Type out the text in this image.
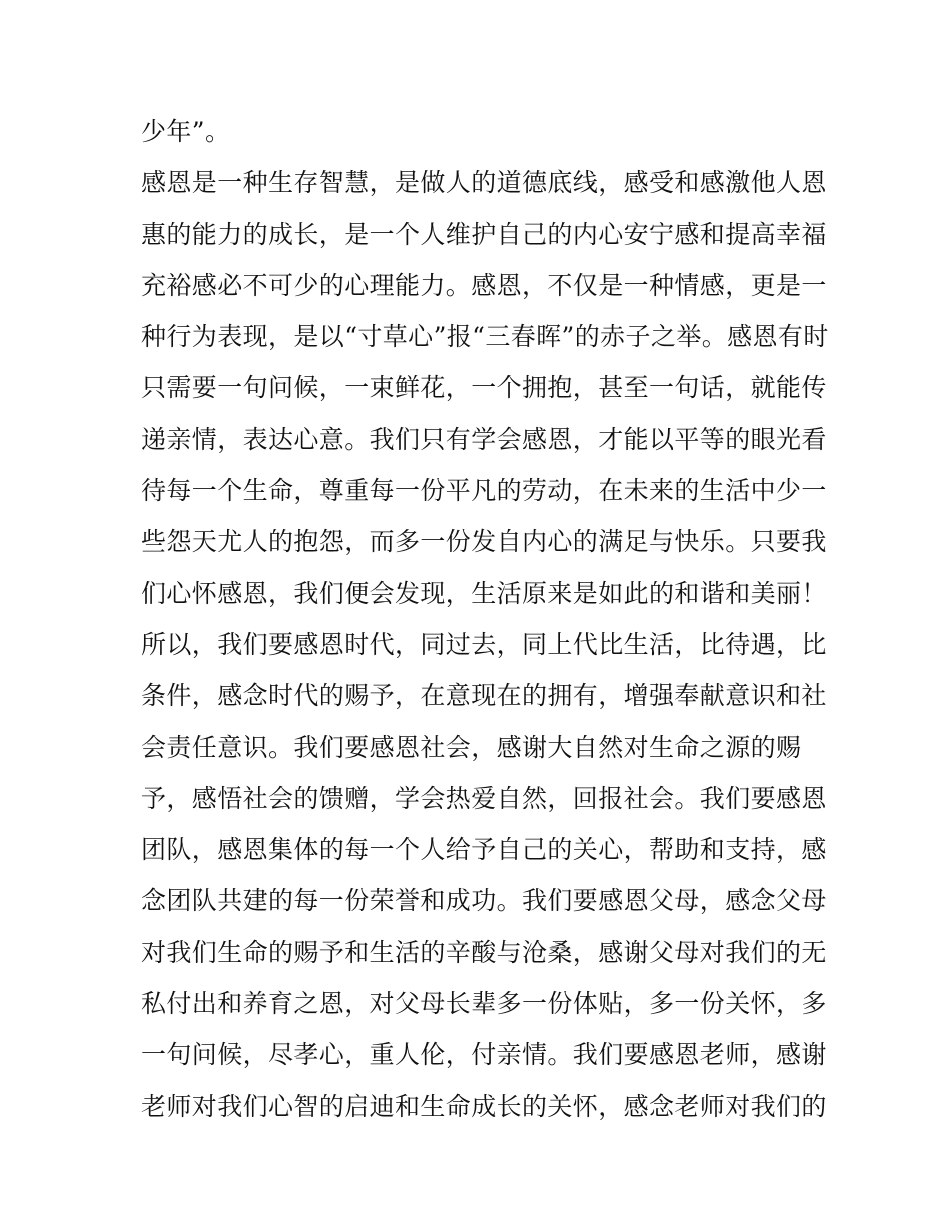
少年”。
感恩是一种生存智慧，是做人的道德底线，感受和感激他人恩
惠的能力的成长，是一个人维护自己的内心安宁感和提高幸福
充裕感必不可少的心理能力。感恩，不仅是一种情感，更是一
种行为表现，是以“寸草心”报“三春晖”的赤子之举。感恩有时
只需要一句问候，一束鲜花，一个拥抱，甚至一句话，就能传
递亲情，表达心意。我们只有学会感恩，才能以平等的眼光看
待每一个生命，尊重每一份平凡的劳动，在未来的生活中少一
些怨天尤人的抱怨，而多一份发自内心的满足与快乐。只要我
们心怀感恩，我们便会发现，生活原来是如此的和谐和美丽！
所以，我们要感恩时代，同过去，同上代比生活，比待遇，比
条件，感念时代的赐予，在意现在的拥有，增强奉献意识和社
会责任意识。我们要感恩社会，感谢大自然对生命之源的赐
予，感悟社会的馈赠，学会热爱自然，回报社会。我们要感恩
团队，感恩集体的每一个人给予自己的关心，帮助和支持，感
念团队共建的每一份荣誉和成功。我们要感恩父母，感念父母
对我们生命的赐予和生活的辛酸与沧桑，感谢父母对我们的无
私付出和养育之恩，对父母长辈多一份体贴，多一份关怀，多
一句问候，尽孝心，重人伦，付亲情。我们要感恩老师，感谢
老师对我们心智的启迪和生命成长的关怀，感念老师对我们的
